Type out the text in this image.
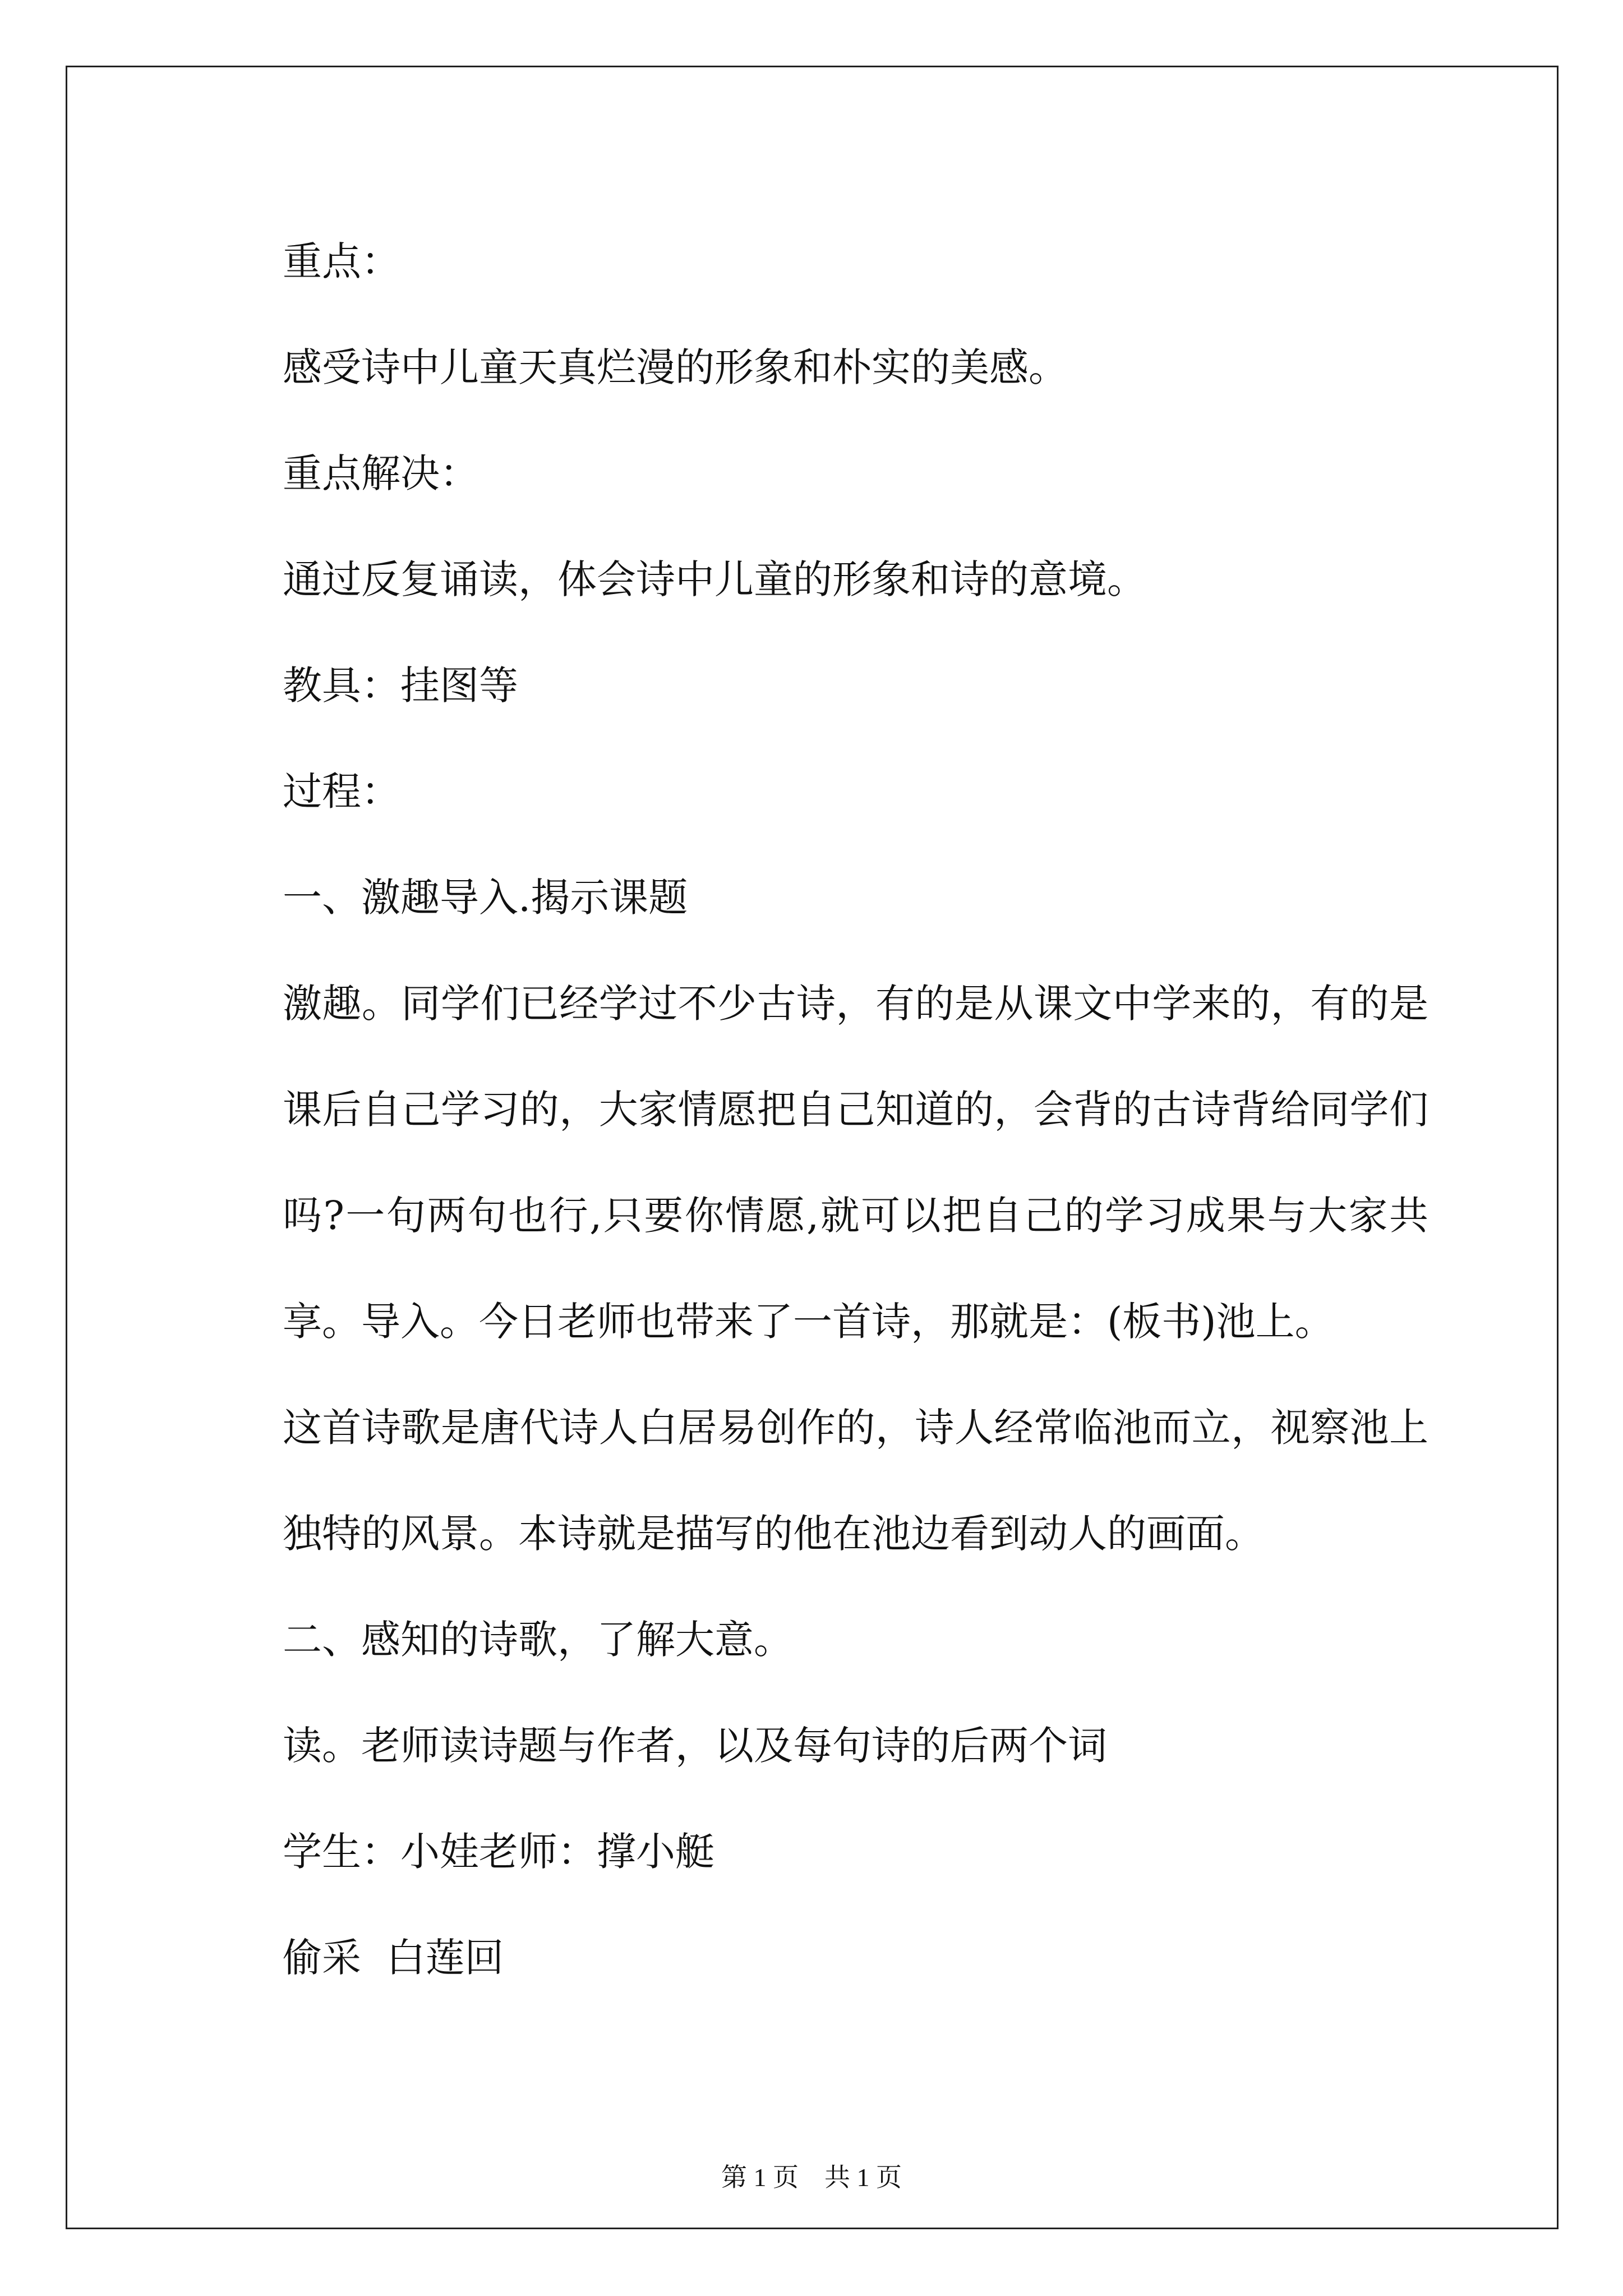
重点：

感受诗中儿童天真烂漫的形象和朴实的美感。

重点解决：

通过反复诵读，体会诗中儿童的形象和诗的意境。

教具：挂图等

过程：

一、激趣导入.揭示课题

激趣。同学们已经学过不少古诗，有的是从课文中学来的，有的是课后自己学习的，大家情愿把自己知道的，会背的古诗背给同学们吗?一句两句也行,只要你情愿,就可以把自己的学习成果与大家共享。导入。今日老师也带来了一首诗，那就是：(板书)池上。

这首诗歌是唐代诗人白居易创作的，诗人经常临池而立，视察池上独特的风景。本诗就是描写的他在池边看到动人的画面。

二、感知的诗歌，了解大意。

读。老师读诗题与作者，以及每句诗的后两个词

学生：小娃老师：撑小艇

偷采  白莲回

第 1 页　共 1 页
